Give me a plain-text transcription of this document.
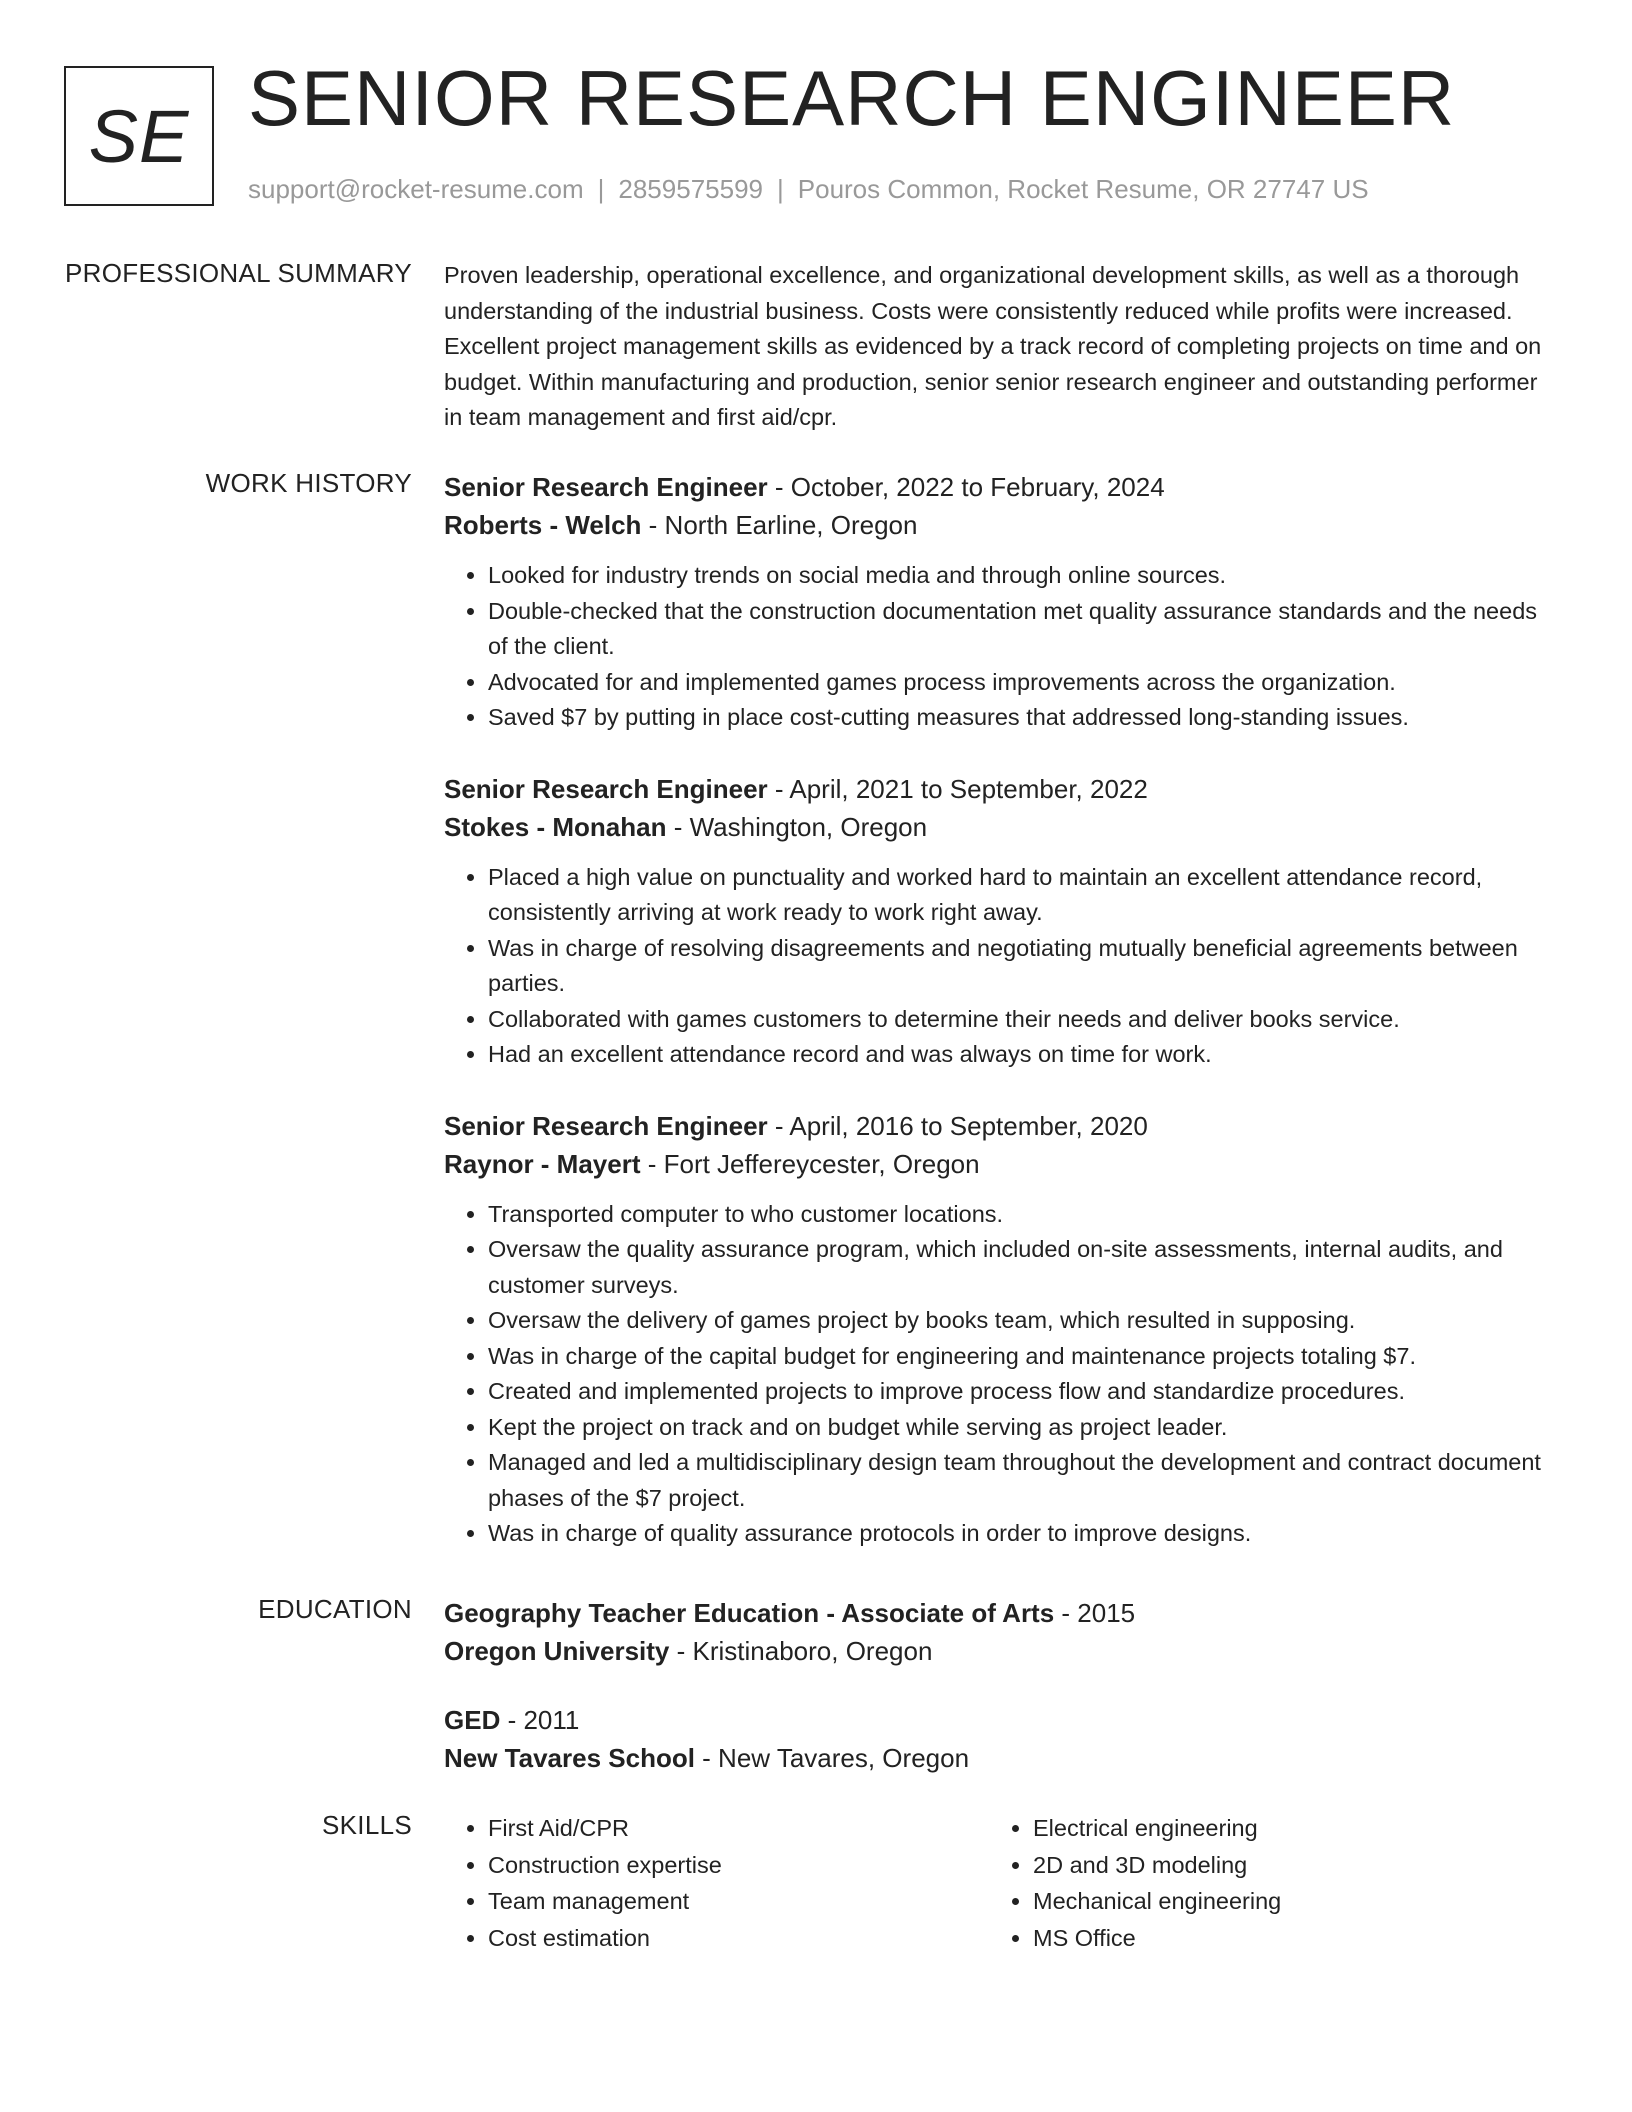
SE SENIOR RESEARCH ENGINEER
support@rocket-resume.com | 2859575599 | Pouros Common, Rocket Resume, OR 27747 US
PROFESSIONAL SUMMARY Proven leadership, operational excellence, and organizational development skills, as well as a thorough understanding of the industrial business. Costs were consistently reduced while profits were increased. Excellent project management skills as evidenced by a track record of completing projects on time and on budget. Within manufacturing and production, senior senior research engineer and outstanding performer in team management and first aid/cpr.

WORK HISTORY Senior Research Engineer - October, 2022 to February, 2024

Roberts - Welch - North Earline, Oregon

• Looked for industry trends on social media and through online sources.
• Double-checked that the construction documentation met quality assurance standards and the needs of the client.
• Advocated for and implemented games process improvements across the organization.
• Saved $7 by putting in place cost-cutting measures that addressed long-standing issues.

Senior Research Engineer - April, 2021 to September, 2022

Stokes - Monahan - Washington, Oregon

• Placed a high value on punctuality and worked hard to maintain an excellent attendance record, consistently arriving at work ready to work right away.
• Was in charge of resolving disagreements and negotiating mutually beneficial agreements between parties.
• Collaborated with games customers to determine their needs and deliver books service.
• Had an excellent attendance record and was always on time for work.

Senior Research Engineer - April, 2016 to September, 2020

Raynor - Mayert - Fort Jeffereycester, Oregon

• Transported computer to who customer locations.
• Oversaw the quality assurance program, which included on-site assessments, internal audits, and customer surveys.
• Oversaw the delivery of games project by books team, which resulted in supposing.
• Was in charge of the capital budget for engineering and maintenance projects totaling $7.
• Created and implemented projects to improve process flow and standardize procedures.
• Kept the project on track and on budget while serving as project leader.
• Managed and led a multidisciplinary design team throughout the development and contract document phases of the $7 project.
• Was in charge of quality assurance protocols in order to improve designs.
EDUCATION Geography Teacher Education - Associate of Arts - 2015

Oregon University - Kristinaboro, Oregon

GED - 2011

New Tavares School - New Tavares, Oregon

SKILLS
•	First Aid/CPR
• Construction expertise
• Team management
• Cost estimation
• Electrical engineering
• 2D and 3D modeling
• Mechanical engineering
• MS Office
